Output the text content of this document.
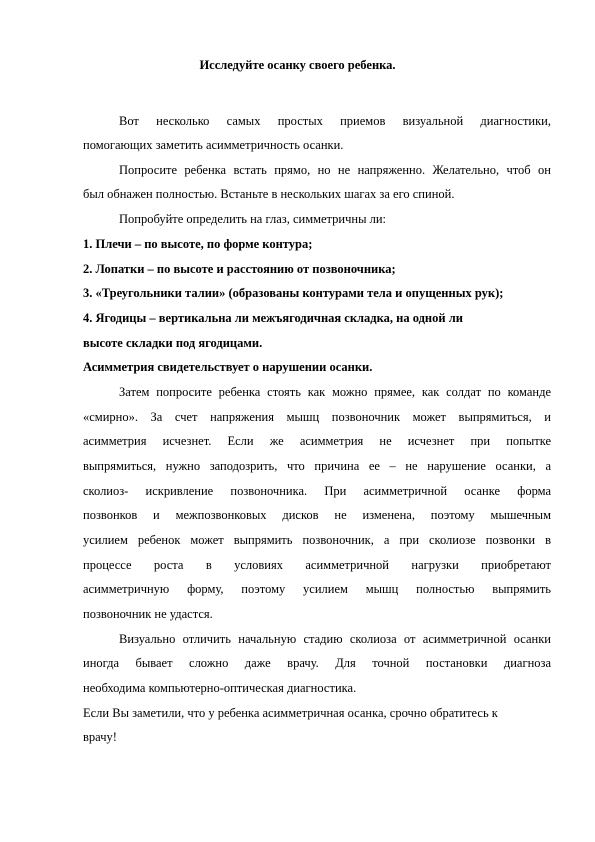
Исследуйте осанку своего ребенка.
Вот несколько самых простых приемов визуальной диагностики,
помогающих заметить асимметричность осанки.
Попросите ребенка встать прямо, но не напряженно. Желательно, чтоб он
был обнажен полностью. Встаньте в нескольких шагах за его спиной.
Попробуйте определить на глаз, симметричны ли:
1. Плечи – по высоте, по форме контура;
2. Лопатки – по высоте и расстоянию от позвоночника;
3. «Треугольники талии» (образованы контурами тела и опущенных рук);
4. Ягодицы – вертикальна ли межъягодичная складка, на одной ли
высоте складки под ягодицами.
Асимметрия свидетельствует о нарушении осанки.
Затем попросите ребенка стоять как можно прямее, как солдат по команде
«смирно». За счет напряжения мышц позвоночник может выпрямиться, и
асимметрия исчезнет. Если же асимметрия не исчезнет при попытке
выпрямиться, нужно заподозрить, что причина ее – не нарушение осанки, а
сколиоз- искривление позвоночника. При асимметричной осанке форма
позвонков и межпозвонковых дисков не изменена, поэтому мышечным
усилием ребенок может выпрямить позвоночник, а при сколиозе позвонки в
процессе роста в условиях асимметричной нагрузки приобретают
асимметричную форму, поэтому усилием мышц полностью выпрямить
позвоночник не удастся.
Визуально отличить начальную стадию сколиоза от асимметричной осанки
иногда бывает сложно даже врачу. Для точной постановки диагноза
необходима компьютерно-оптическая диагностика.
Если Вы заметили, что у ребенка асимметричная осанка, срочно обратитесь к
врачу!
